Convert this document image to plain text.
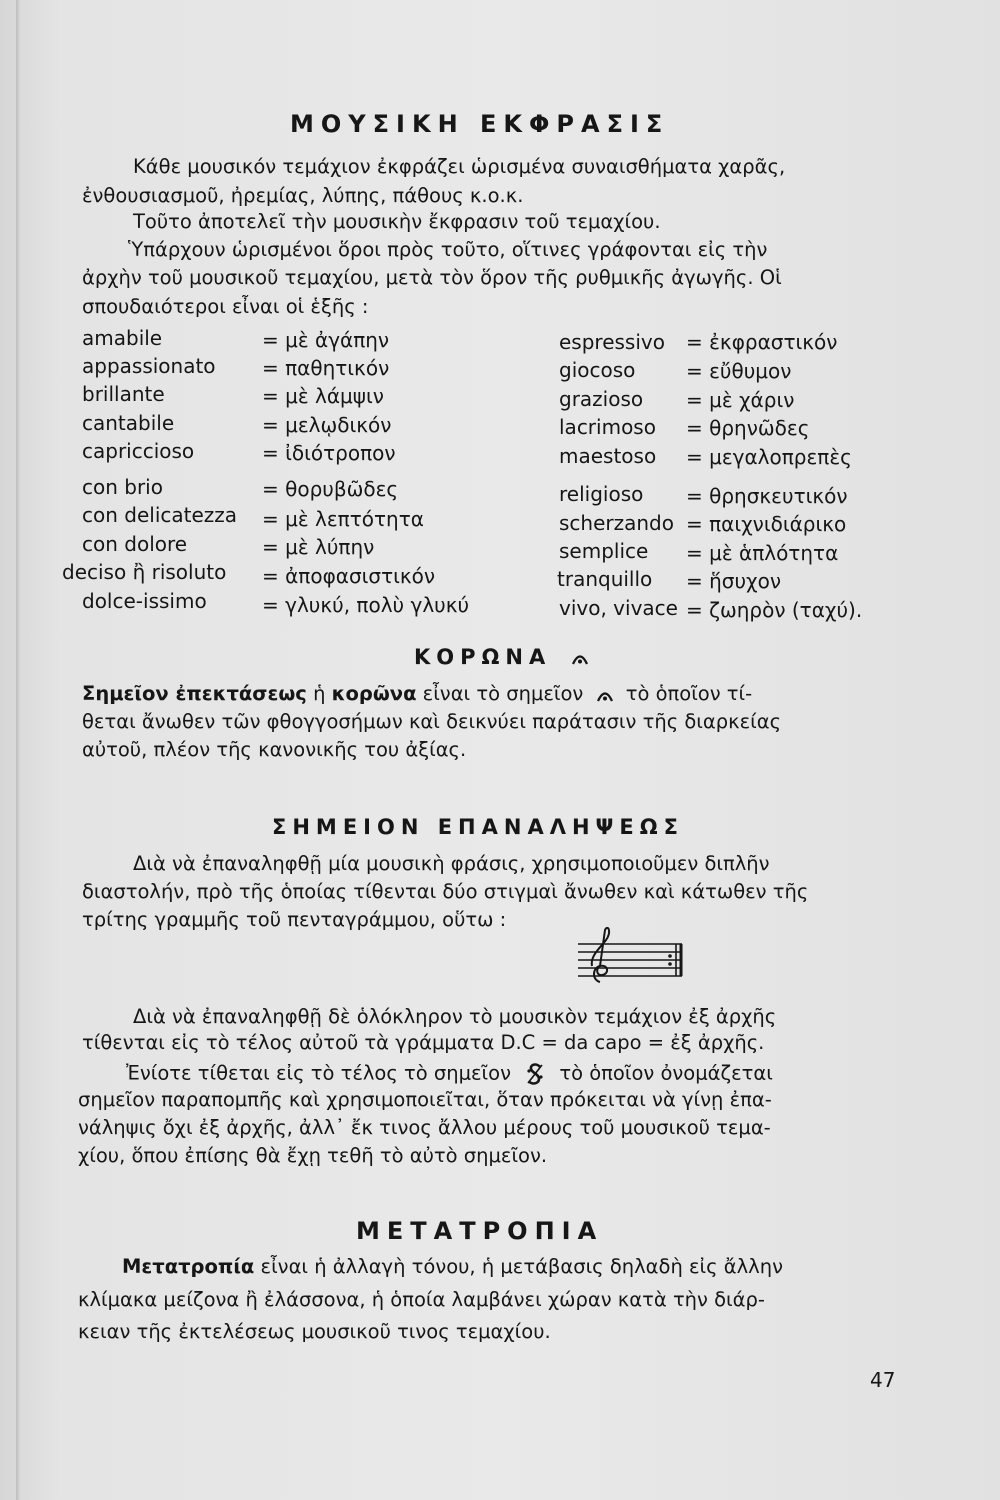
ΜΟΥΣΙΚΗ ΕΚΦΡΑΣΙΣ
Κάθε μουσικόν τεμάχιον ἐκφράζει ὡρισμένα συναισθήματα χαρᾶς,
ἐνθουσιασμοῦ, ἠρεμίας, λύπης, πάθους κ.ο.κ.
Τοῦτο ἀποτελεῖ τὴν μουσικὴν ἔκφρασιν τοῦ τεμαχίου.
Ὑπάρχουν ὡρισμένοι ὅροι πρὸς τοῦτο, οἵτινες γράφονται εἰς τὴν
ἀρχὴν τοῦ μουσικοῦ τεμαχίου, μετὰ τὸν ὅρον τῆς ρυθμικῆς ἀγωγῆς. Οἱ
σπουδαιότεροι εἶναι οἱ ἑξῆς :
amabile	= μὲ ἀγάπην
appassionato = παθητικόν
brillante	= μὲ λάμψιν
cantabile	= μελῳδικόν
capriccioso	= ἰδιότροπον
con brio	= θορυβῶδες
con delicatezza = μὲ λεπτότητα
con dolore	= μὲ λύπην
deciso ἢ risoluto = ἀποφασιστικόν
dolce-issimo	= γλυκύ, πολὺ γλυκύ
espressivo = ἐκφραστικόν
giocoso	= εὔθυμον
grazioso = μὲ χάριν
lacrimoso = θρηνῶδες
maestoso = μεγαλοπρεπὲς
religioso = θρησκευτικόν
scherzando = παιχνιδιάρικο
semplice = μὲ ἁπλότητα
tranquillo = ἥσυχον
vivo, vivace = ζωηρὸν (ταχύ).
ΚΟΡΩΝΑ
Σημεῖον ἐπεκτάσεως ἡ κορῶνα εἶναι τὸ σημεῖον τὸ ὁποῖον τί-
θεται ἄνωθεν τῶν φθογγοσήμων καὶ δεικνύει παράτασιν τῆς διαρκείας
αὐτοῦ, πλέον τῆς κανονικῆς του ἀξίας.
ΣΗΜΕΙΟΝ ΕΠΑΝΑΛΗΨΕΩΣ
Διὰ νὰ ἐπαναληφθῇ μία μουσικὴ φράσις, χρησιμοποιοῦμεν διπλῆν
διαστολήν, πρὸ τῆς ὁποίας τίθενται δύο στιγμαὶ ἄνωθεν καὶ κάτωθεν τῆς
τρίτης γραμμῆς τοῦ πενταγράμμου, οὕτω :
Διὰ νὰ ἐπαναληφθῇ δὲ ὁλόκληρον τὸ μουσικὸν τεμάχιον ἐξ ἀρχῆς
τίθενται εἰς τὸ τέλος αὐτοῦ τὰ γράμματα D.C = da capo = ἐξ ἀρχῆς.
Ἐνίοτε τίθεται εἰς τὸ τέλος τὸ σημεῖον τὸ ὁποῖον ὀνομάζεται
σημεῖον παραπομπῆς καὶ χρησιμοποιεῖται, ὅταν πρόκειται νὰ γίνῃ ἐπα-
νάληψις ὄχι ἐξ ἀρχῆς, ἀλλ᾽ ἔκ τινος ἄλλου μέρους τοῦ μουσικοῦ τεμα-
χίου, ὅπου ἐπίσης θὰ ἔχῃ τεθῆ τὸ αὐτὸ σημεῖον.
ΜΕΤΑΤΡΟΠΙΑ
Μετατροπία εἶναι ἡ ἀλλαγὴ τόνου, ἡ μετάβασις δηλαδὴ εἰς ἄλλην
κλίμακα μείζονα ἢ ἐλάσσονα, ἡ ὁποία λαμβάνει χώραν κατὰ τὴν διάρ-
κειαν τῆς ἐκτελέσεως μουσικοῦ τινος τεμαχίου.
47
